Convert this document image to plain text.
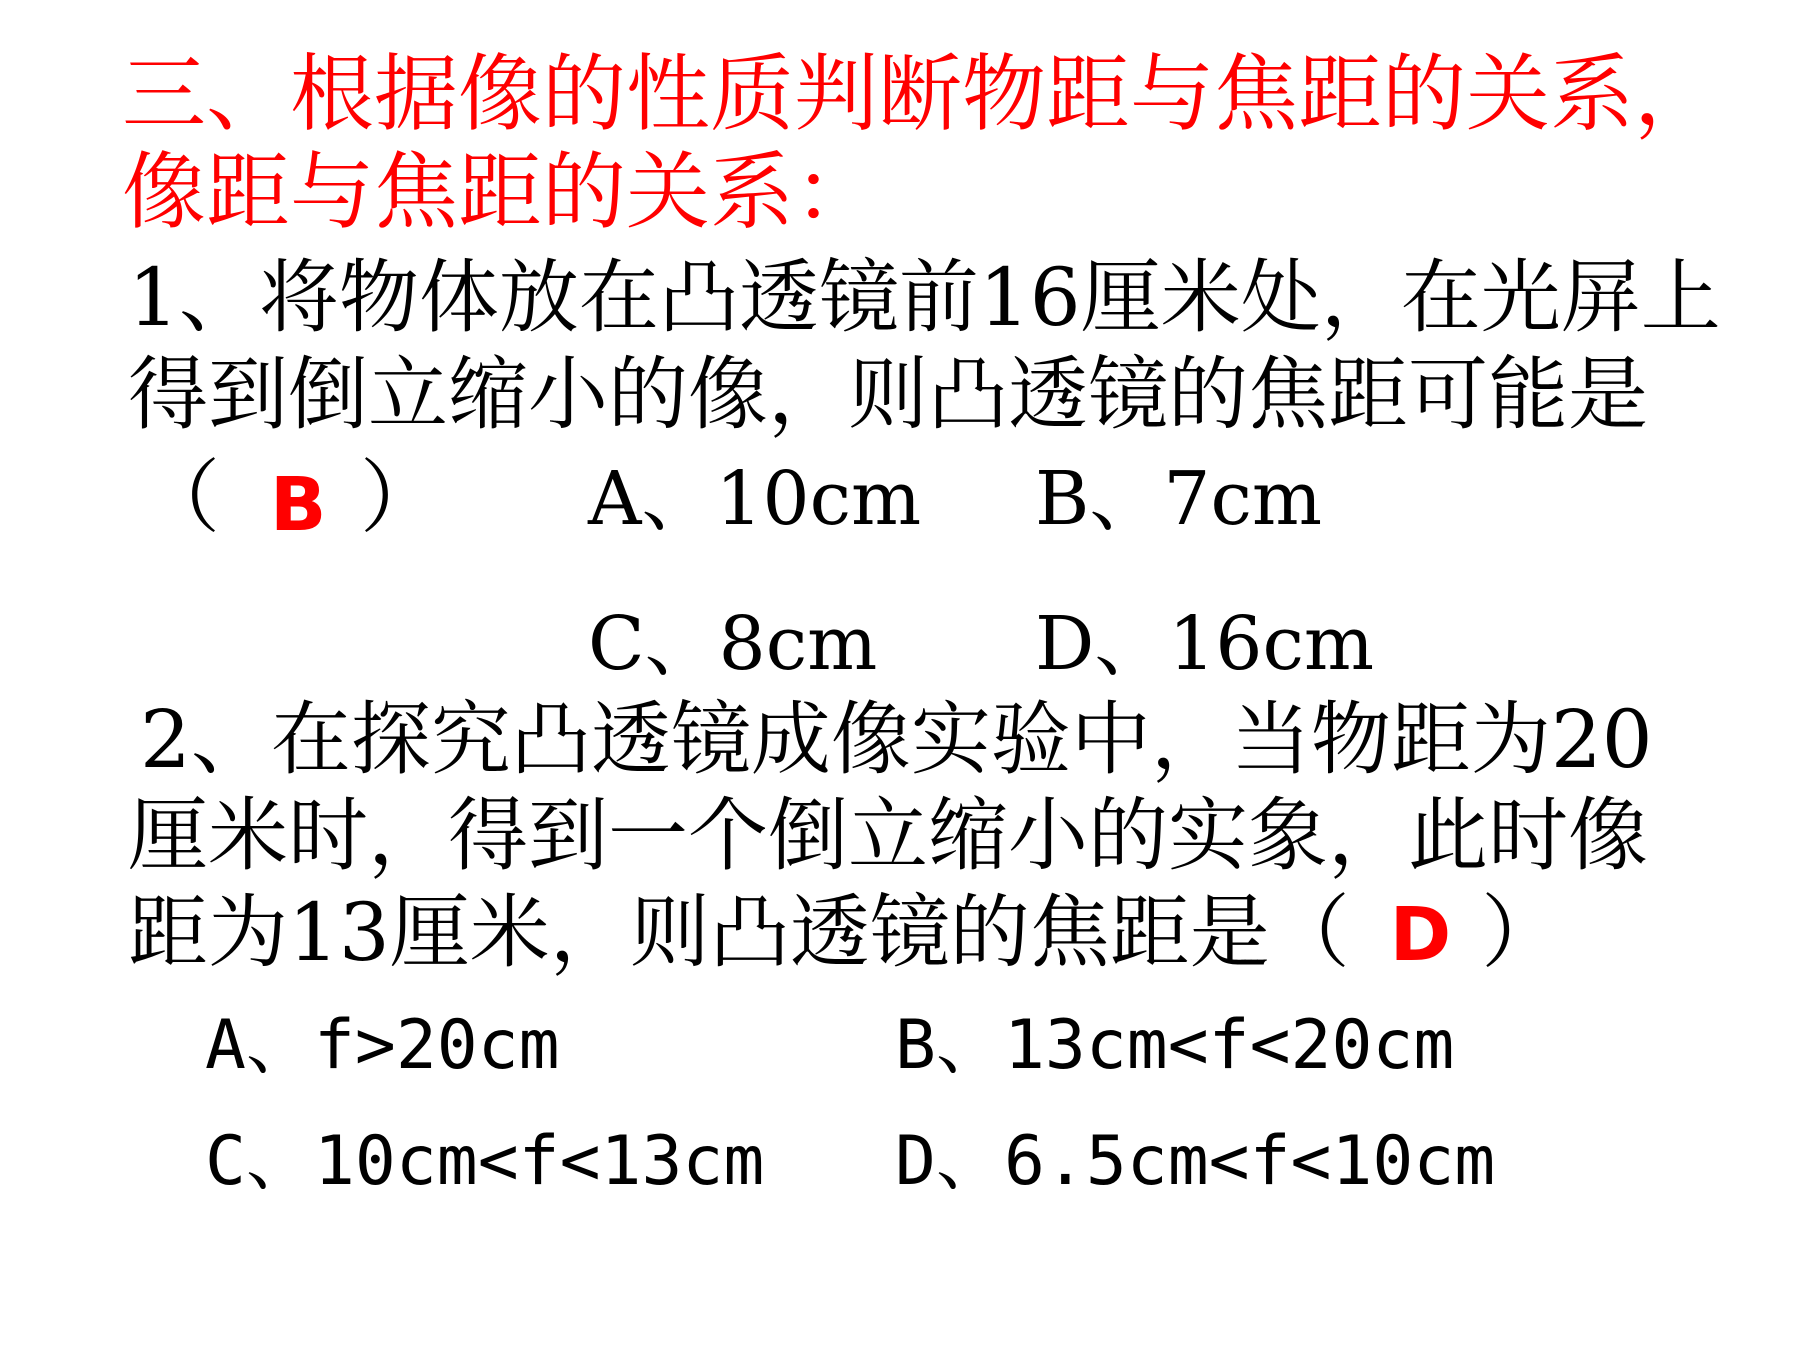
三、根据像的性质判断物距与焦距的关系，
像距与焦距的关系：
1、将物体放在凸透镜前16厘米处，在光屏上
得到倒立缩小的像，则凸透镜的焦距可能是
（ B ） A、10cm B、7cm
C、8cm D、16cm
2、在探究凸透镜成像实验中，当物距为20
厘米时，得到一个倒立缩小的实象，此时像
距为13厘米，则凸透镜的焦距是（ D ）
A、f>20cm	B、13cm<f<20cm
C、10cm<f<13cm D、6.5cm<f<10cm
